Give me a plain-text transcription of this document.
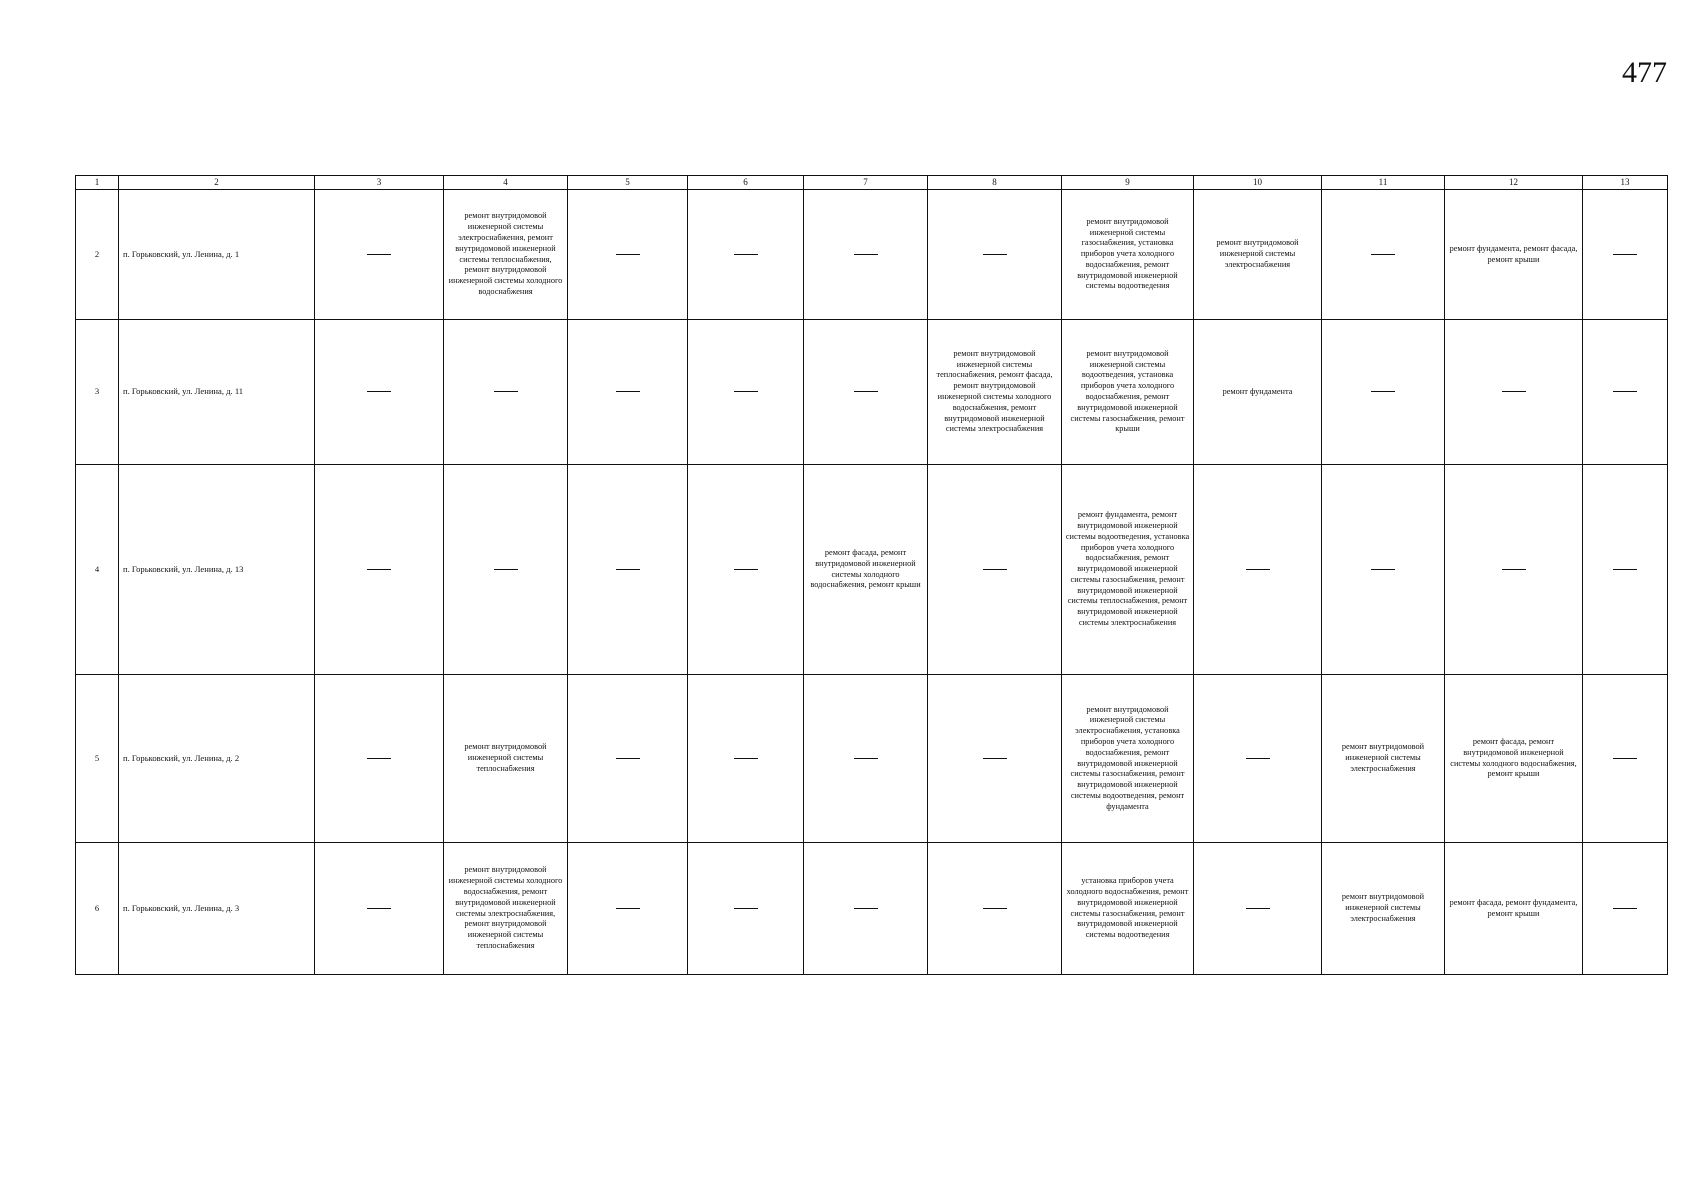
477
1	2	3	4	5	6	7	8	9	10	11	12	13
2	п. Горьковский, ул. Ленина, д. 1		ремонт внутридомовой инженерной системы электроснабжения, ремонт внутридомовой инженерной системы теплоснабжения, ремонт внутридомовой инженерной системы холодного водоснабжения					ремонт внутридомовой инженерной системы газоснабжения, установка приборов учета холодного водоснабжения, ремонт внутридомовой инженерной системы водоотведения	ремонт внутридомовой инженерной системы электроснабжения		ремонт фундамента, ремонт фасада, ремонт крыши	
3	п. Горьковский, ул. Ленина, д. 11						ремонт внутридомовой инженерной системы теплоснабжения, ремонт фасада, ремонт внутридомовой инженерной системы холодного водоснабжения, ремонт внутридомовой инженерной системы электроснабжения	ремонт внутридомовой инженерной системы водоотведения, установка приборов учета холодного водоснабжения, ремонт внутридомовой инженерной системы газоснабжения, ремонт крыши	ремонт фундамента			
4	п. Горьковский, ул. Ленина, д. 13					ремонт фасада, ремонт внутридомовой инженерной системы холодного водоснабжения, ремонт крыши		ремонт фундамента, ремонт внутридомовой инженерной системы водоотведения, установка приборов учета холодного водоснабжения, ремонт внутридомовой инженерной системы газоснабжения, ремонт внутридомовой инженерной системы теплоснабжения, ремонт внутридомовой инженерной системы электроснабжения				
5	п. Горьковский, ул. Ленина, д. 2		ремонт внутридомовой инженерной системы теплоснабжения					ремонт внутридомовой инженерной системы электроснабжения, установка приборов учета холодного водоснабжения, ремонт внутридомовой инженерной системы газоснабжения, ремонт внутридомовой инженерной системы водоотведения, ремонт фундамента		ремонт внутридомовой инженерной системы электроснабжения	ремонт фасада, ремонт внутридомовой инженерной системы холодного водоснабжения, ремонт крыши	
6	п. Горьковский, ул. Ленина, д. 3		ремонт внутридомовой инженерной системы холодного водоснабжения, ремонт внутридомовой инженерной системы электроснабжения, ремонт внутридомовой инженерной системы теплоснабжения					установка приборов учета холодного водоснабжения, ремонт внутридомовой инженерной системы газоснабжения, ремонт внутридомовой инженерной системы водоотведения		ремонт внутридомовой инженерной системы электроснабжения	ремонт фасада, ремонт фундамента, ремонт крыши	
